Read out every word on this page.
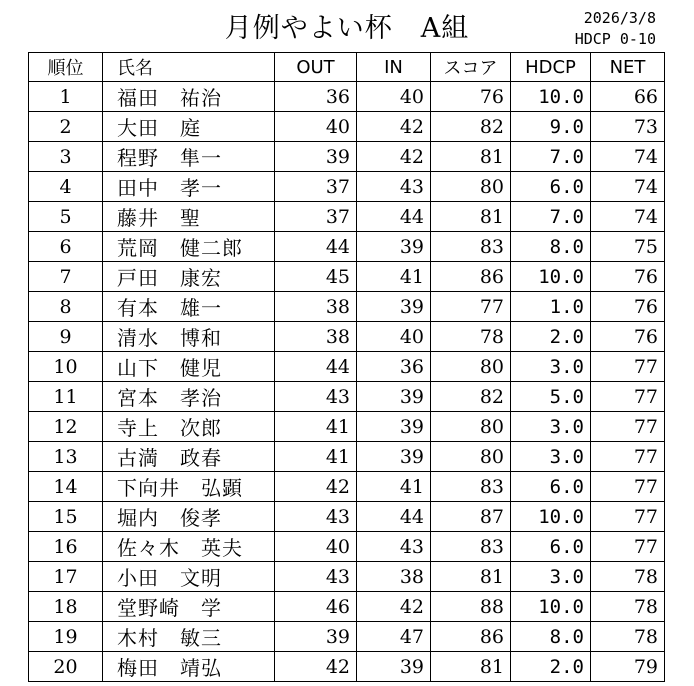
月例やよい杯　A組	2026/3/8
HDCP 0-10
順位	氏名	OUT	IN	スコア	HDCP	NET
1	福田　祐治	36	40	76	10.0	66
2	大田　庭	40	42	82	9.0	73
3	程野　隼一	39	42	81	7.0	74
4	田中　孝一	37	43	80	6.0	74
5	藤井　聖	37	44	81	7.0	74
6	荒岡　健二郎	44	39	83	8.0	75
7	戸田　康宏	45	41	86	10.0	76
8	有本　雄一	38	39	77	1.0	76
9	清水　博和	38	40	78	2.0	76
10	山下　健児	44	36	80	3.0	77
11	宮本　孝治	43	39	82	5.0	77
12	寺上　次郎	41	39	80	3.0	77
13	古満　政春	41	39	80	3.0	77
14	下向井　弘顕	42	41	83	6.0	77
15	堀内　俊孝	43	44	87	10.0	77
16	佐々木　英夫	40	43	83	6.0	77
17	小田　文明	43	38	81	3.0	78
18	堂野崎　学	46	42	88	10.0	78
19	木村　敏三	39	47	86	8.0	78
20	梅田　靖弘	42	39	81	2.0	79
